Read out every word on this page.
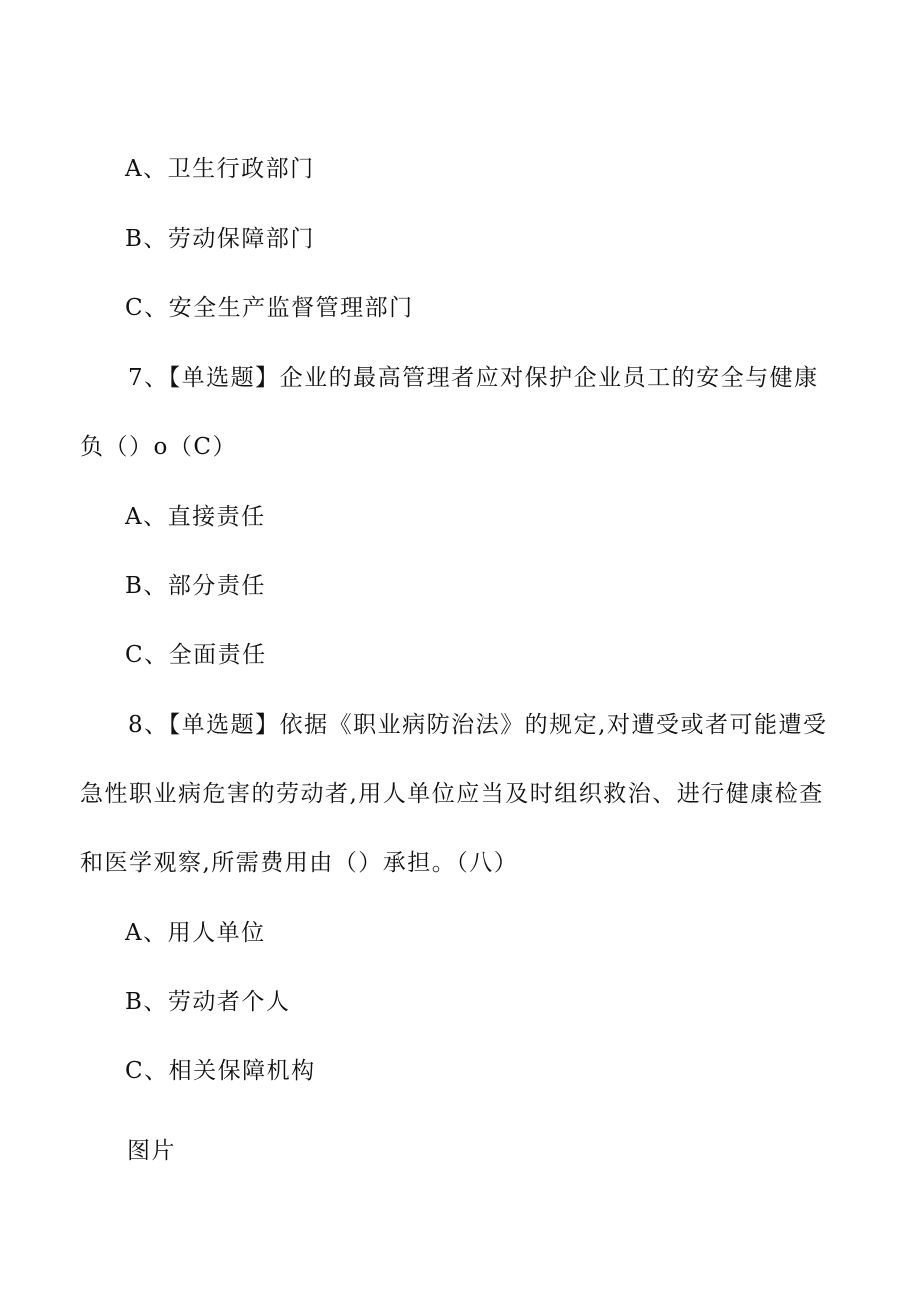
A、卫生行政部门
B、劳动保障部门
C、安全生产监督管理部门
7、【单选题】企业的最高管理者应对保护企业员工的安全与健康
负（）o（C）
A、直接责任
B、部分责任
C、全面责任
8、【单选题】依据《职业病防治法》的规定,对遭受或者可能遭受
急性职业病危害的劳动者,用人单位应当及时组织救治、进行健康检查
和医学观察,所需费用由（）承担。（八）
A、用人单位
B、劳动者个人
C、相关保障机构
图片
